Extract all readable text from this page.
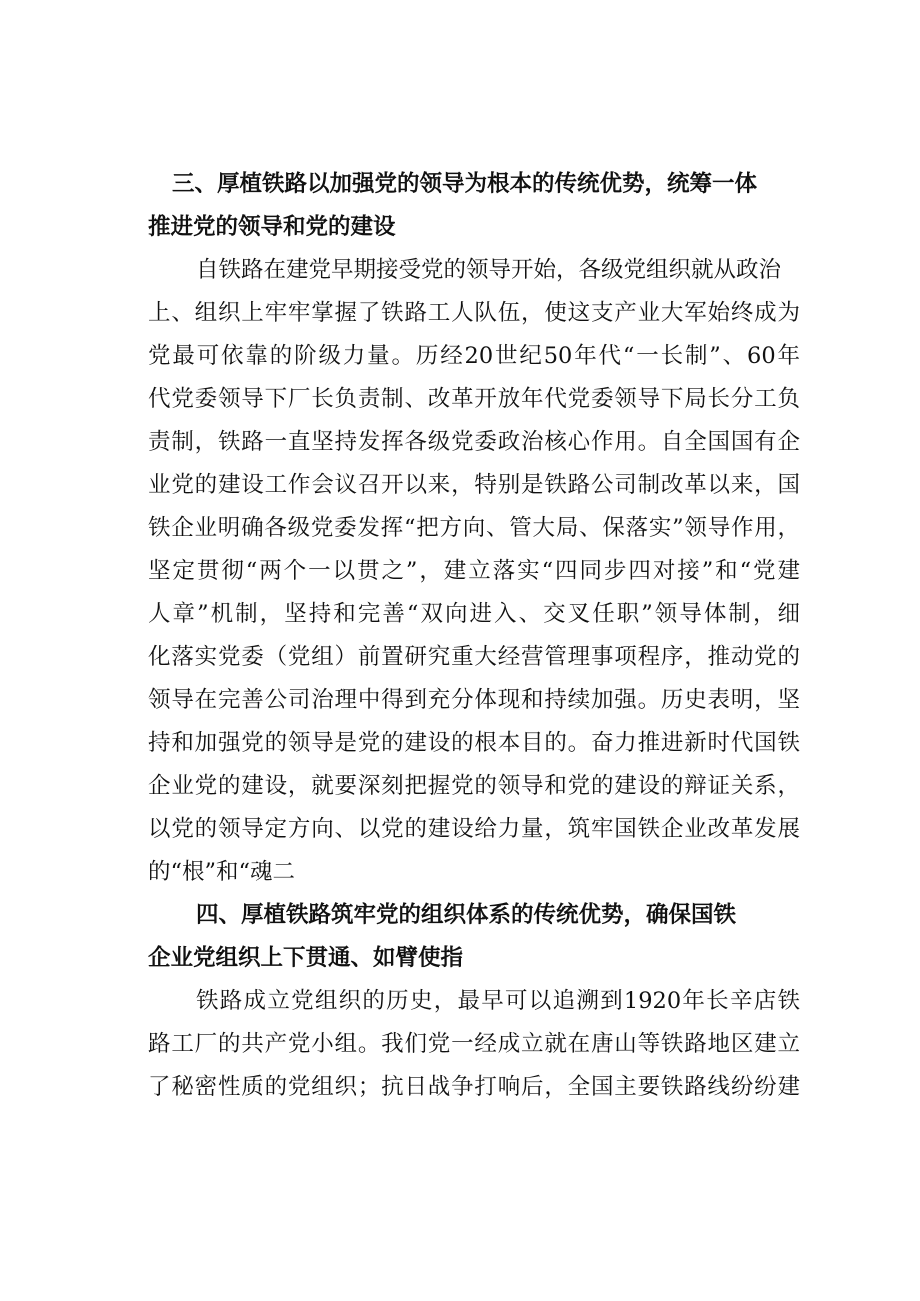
三、厚植铁路以加强党的领导为根本的传统优势，统筹一体
推进党的领导和党的建设
自铁路在建党早期接受党的领导开始，各级党组织就从政治
上、组织上牢牢掌握了铁路工人队伍，使这支产业大军始终成为
党最可依靠的阶级力量。历经20世纪50年代“一长制”、60年
代党委领导下厂长负责制、改革开放年代党委领导下局长分工负
责制，铁路一直坚持发挥各级党委政治核心作用。自全国国有企
业党的建设工作会议召开以来，特别是铁路公司制改革以来，国
铁企业明确各级党委发挥“把方向、管大局、保落实”领导作用，
坚定贯彻“两个一以贯之”，建立落实“四同步四对接”和“党建
人章”机制，坚持和完善“双向进入、交叉任职”领导体制，细
化落实党委（党组）前置研究重大经营管理事项程序，推动党的
领导在完善公司治理中得到充分体现和持续加强。历史表明，坚
持和加强党的领导是党的建设的根本目的。奋力推进新时代国铁
企业党的建设，就要深刻把握党的领导和党的建设的辩证关系，
以党的领导定方向、以党的建设给力量，筑牢国铁企业改革发展
的“根”和“魂二
四、厚植铁路筑牢党的组织体系的传统优势，确保国铁
企业党组织上下贯通、如臂使指
铁路成立党组织的历史，最早可以追溯到1920年长辛店铁
路工厂的共产党小组。我们党一经成立就在唐山等铁路地区建立
了秘密性质的党组织；抗日战争打响后，全国主要铁路线纷纷建
